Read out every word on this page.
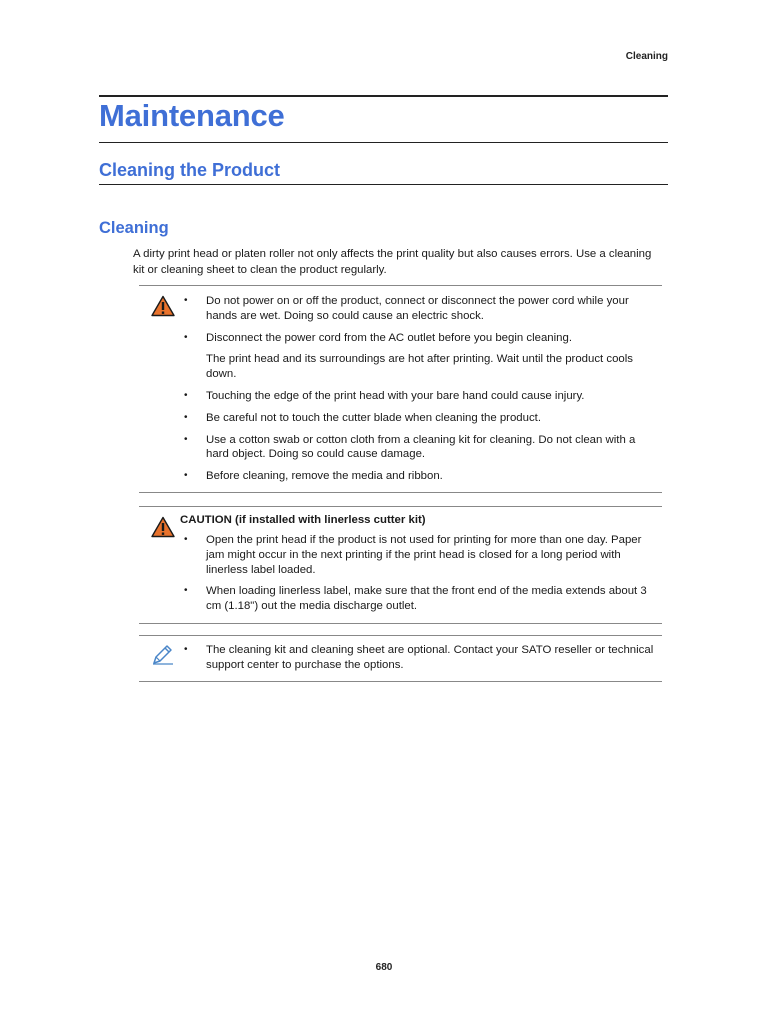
Cleaning
Maintenance
Cleaning the Product
Cleaning
A dirty print head or platen roller not only affects the print quality but also causes errors. Use a cleaning kit or cleaning sheet to clean the product regularly.
• Do not power on or off the product, connect or disconnect the power cord while your hands are wet. Doing so could cause an electric shock.
• Disconnect the power cord from the AC outlet before you begin cleaning.
The print head and its surroundings are hot after printing. Wait until the product cools down.
• Touching the edge of the print head with your bare hand could cause injury.
• Be careful not to touch the cutter blade when cleaning the product.
• Use a cotton swab or cotton cloth from a cleaning kit for cleaning. Do not clean with a hard object. Doing so could cause damage.
• Before cleaning, remove the media and ribbon.
CAUTION (if installed with linerless cutter kit)
• Open the print head if the product is not used for printing for more than one day. Paper jam might occur in the next printing if the print head is closed for a long period with linerless label loaded.
• When loading linerless label, make sure that the front end of the media extends about 3 cm (1.18") out the media discharge outlet.
• The cleaning kit and cleaning sheet are optional. Contact your SATO reseller or technical support center to purchase the options.
680
